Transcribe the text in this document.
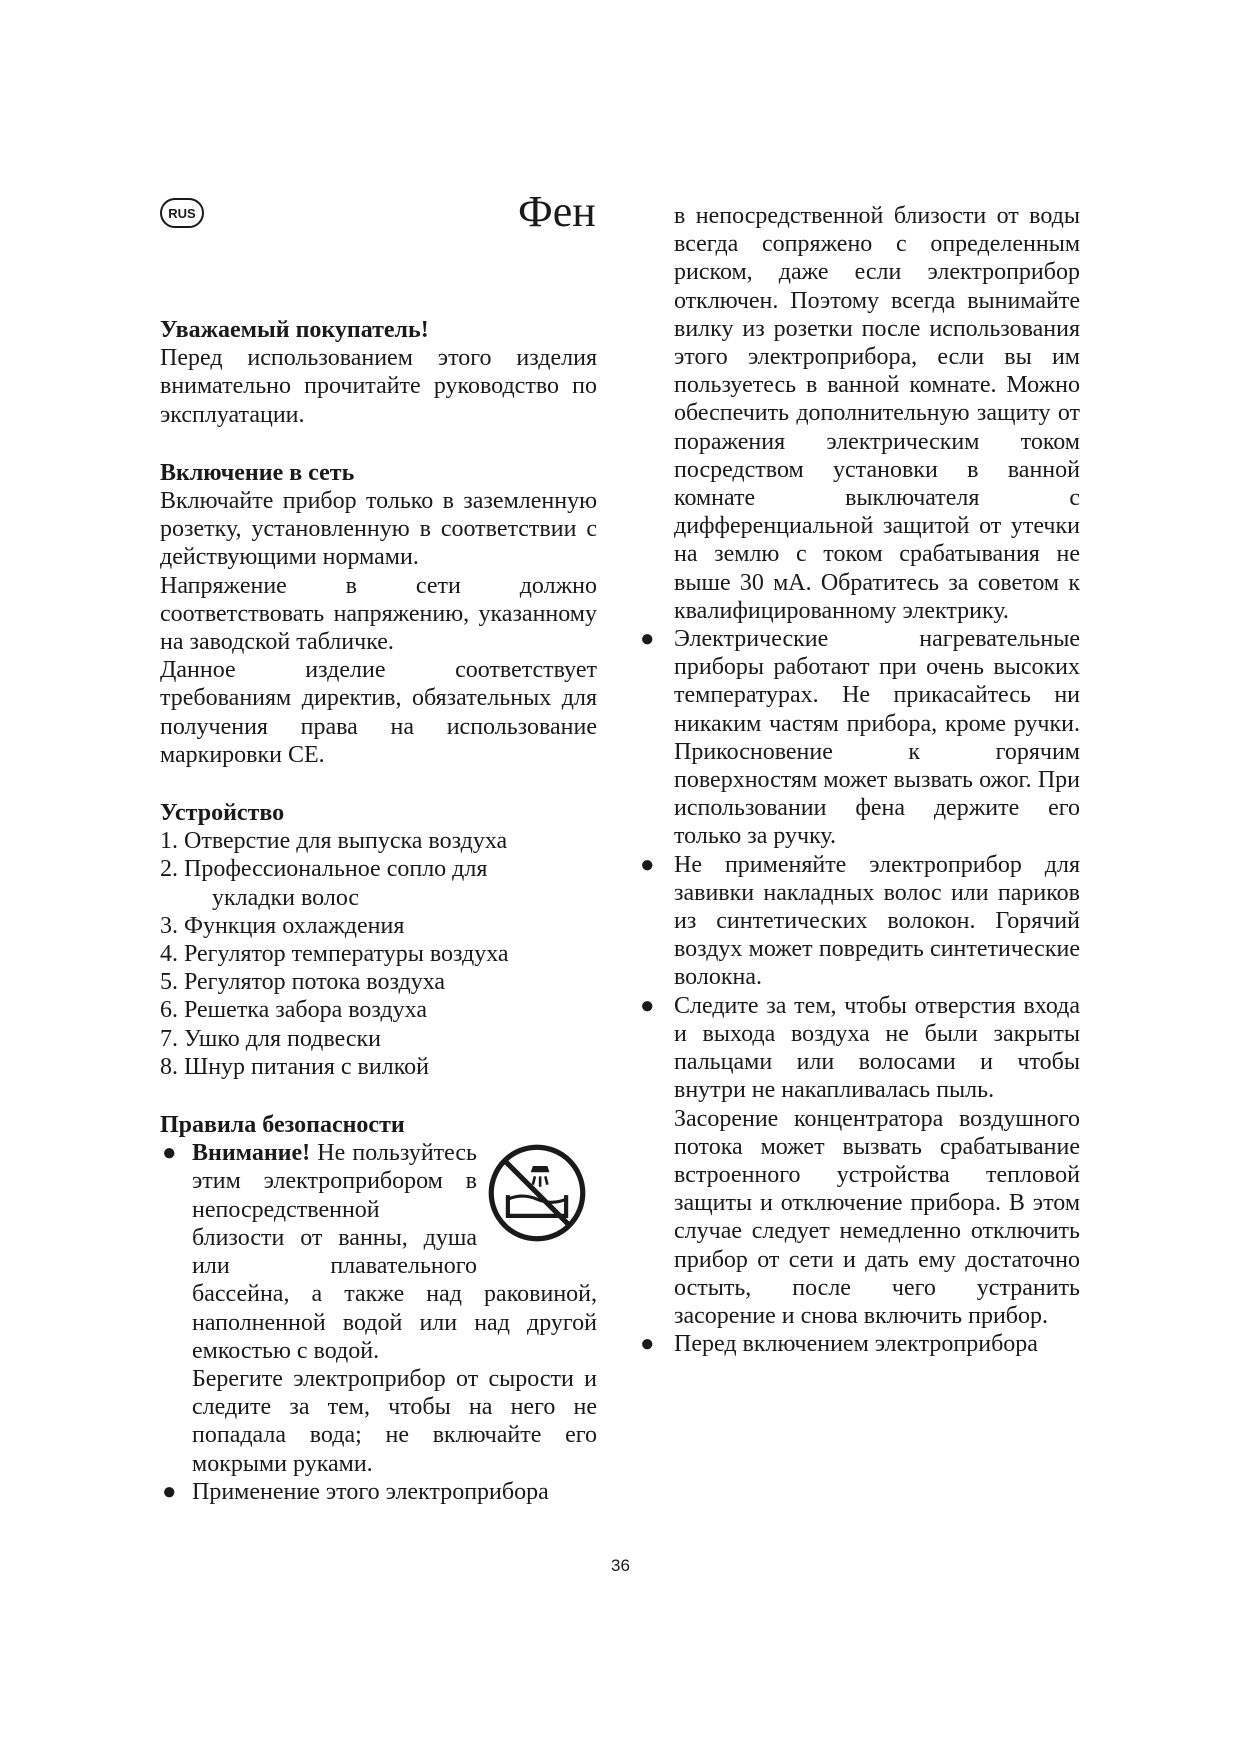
RUS	Фен

Уважаемый покупатель!

Перед использованием этого изделия внимательно прочитайте руководство по эксплуатации.

Включение в сеть

Включайте прибор только в заземленную розетку, установленную в соответствии с действующими нормами.

Напряжение в сети должно соответствовать напряжению, указанному на заводской табличке.

Данное изделие соответствует требованиям директив, обязательных для получения права на использование маркировки СЕ.

Устройство

1. Отверстие для выпуска воздуха
2. Профессиональное сопло для
укладки волос
3. Функция охлаждения
4. Регулятор температуры воздуха
5. Регулятор потока воздуха
6. Решетка забора воздуха
7. Ушко для подвески
8. Шнур питания с вилкой

Правила безопасности

● Внимание! Не пользуйтесь этим электроприбором в непосредственной близости от ванны, душа или плавательного бассейна, а также над раковиной, наполненной водой или над другой емкостью с водой.

Берегите электроприбор от сырости и следите за тем, чтобы на него не попадала вода; не включайте его мокрыми руками.

● Применение этого электроприбора

в непосредственной близости от воды всегда сопряжено с определенным риском, даже если электроприбор отключен. Поэтому всегда вынимайте вилку из розетки после использования этого электроприбора, если вы им пользуетесь в ванной комнате. Можно обеспечить дополнительную защиту от поражения электрическим током посредством установки в ванной комнате выключателя с дифференциальной защитой от утечки на землю с током срабатывания не выше 30 мА. Обратитесь за советом к квалифицированному электрику.

● Электрические нагревательные приборы работают при очень высоких температурах. Не прикасайтесь ни никаким частям прибора, кроме ручки. Прикосновение к горячим поверхностям может вызвать ожог. При использовании фена держите его только за ручку.

● Не применяйте электроприбор для завивки накладных волос или париков из синтетических волокон. Горячий воздух может повредить синтетические волокна.

● Следите за тем, чтобы отверстия входа и выхода воздуха не были закрыты пальцами или волосами и чтобы внутри не накапливалась пыль.

Засорение концентратора воздушного потока может вызвать срабатывание встроенного устройства тепловой защиты и отключение прибора. В этом случае следует немедленно отключить прибор от сети и дать ему достаточно остыть, после чего устранить засорение и снова включить прибор.

● Перед включением электроприбора

36
